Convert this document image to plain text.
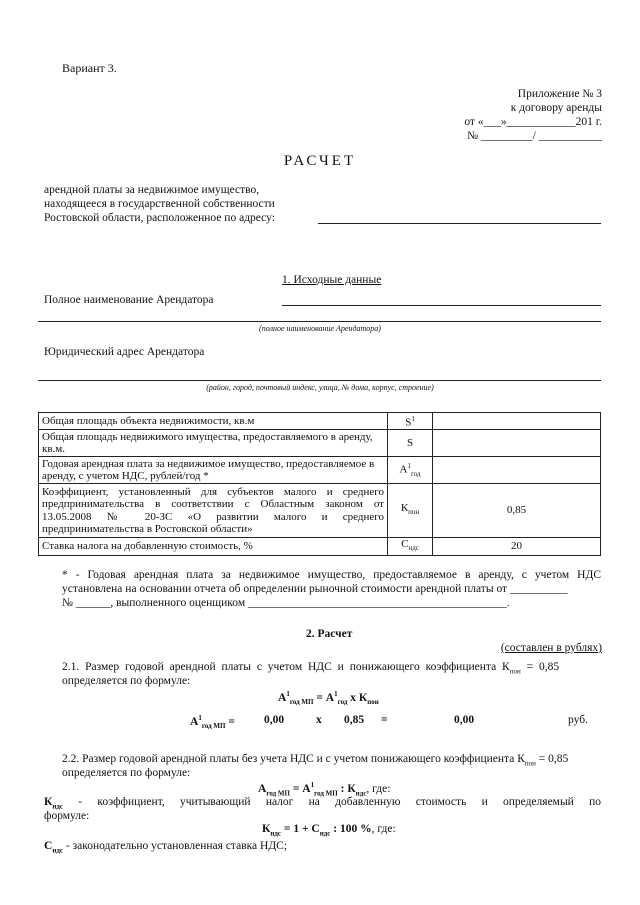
Вариант 3.
Приложение № 3
к договору аренды
от «___»____________201 г.
№ _________/ ___________
РАСЧЕТ
арендной платы за недвижимое имущество,
находящееся в государственной собственности
Ростовской области, расположенное по адресу:
1. Исходные данные
Полное наименование Арендатора
(полное наименование Арендатора)
Юридический адрес Арендатора
(район, город, почтовый индекс, улица, № дома, корпус, строение)
Общая площадь объекта недвижимости, кв.м	$S^1$	
Общая площадь недвижимого имущества, предоставляемого в аренду, кв.м.	S	
Годовая арендная плата за недвижимое имущество, предоставляемое в аренду, с учетом НДС, рублей/год *	$А^1_{год}$	
Коэффициент, установленный для субъектов малого и среднего предпринимательства в соответствии с Областным законом от 13.05.2008 № 20-ЗС «О развитии малого и среднего предпринимательства в Ростовской области»	$К_{пон}$	0,85
Ставка налога на добавленную стоимость, %	$С_{ндс}$	20
* - Годовая арендная плата за недвижимое имущество, предоставляемое в аренду, с учетом НДС
установлена на основании отчета об определении рыночной стоимости арендной платы от __________
№ ______, выполненного оценщиком _____________________________________________.
2. Расчет
(составлен в рублях)
2.1. Размер годовой арендной платы с учетом НДС и понижающего коэффициента $К_{пон} = 0,85$
определяется по формуле:
$А^1_{год МП} = А^1_{год}$ х $К_{пон}$
$А^1_{год МП}$ =	0,00	х 0,85 =	0,00	руб.
2.2. Размер годовой арендной платы без учета НДС и с учетом понижающего коэффициента $К_{пон} = 0,85$
определяется по формуле:
$А_{год МП} = А^1_{год МП}$ : $К_{ндс}$, где:
$К_{ндс}$ - коэффициент, учитывающий налог на добавленную стоимость и определяемый по
формуле:
$К_{ндс} = 1 + С_{ндс}$ : 100 %, где:
$С_{ндс}$ - законодательно установленная ставка НДС;
